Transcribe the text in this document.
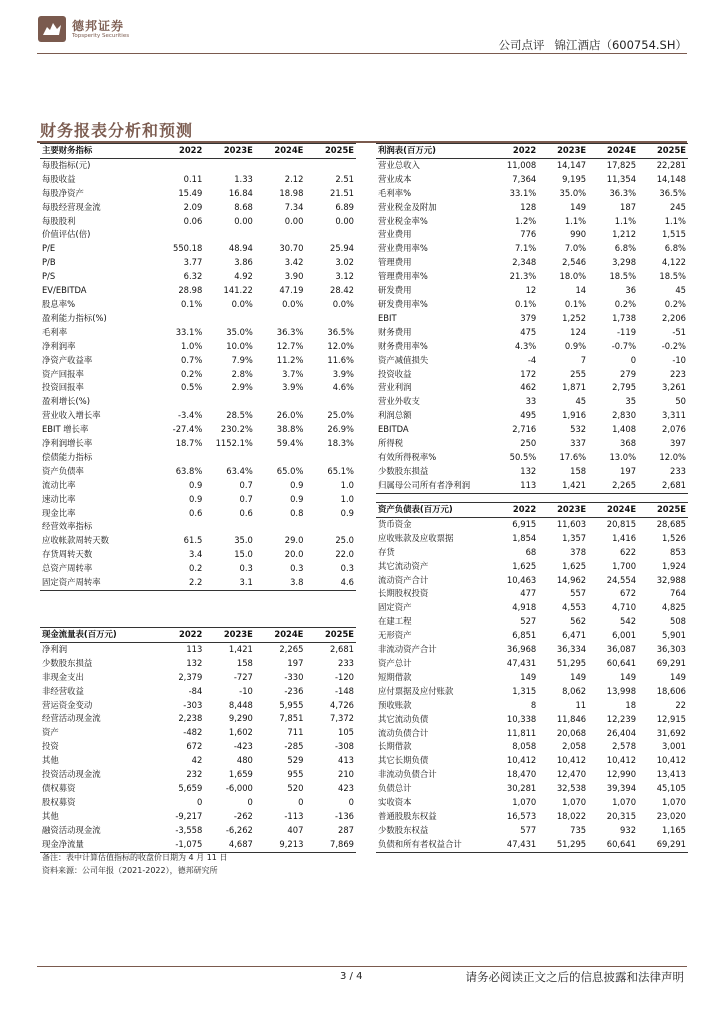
德邦证券
Topsperity Securities
公司点评 锦江酒店（600754.SH）
财务报表分析和预测
主要财务指标	2022	2023E	2024E	2025E
每股指标(元)				
每股收益	0.11	1.33	2.12	2.51
每股净资产	15.49	16.84	18.98	21.51
每股经营现金流	2.09	8.68	7.34	6.89
每股股利	0.06	0.00	0.00	0.00
价值评估(倍)				
P/E	550.18	48.94	30.70	25.94
P/B	3.77	3.86	3.42	3.02
P/S	6.32	4.92	3.90	3.12
EV/EBITDA	28.98	141.22	47.19	28.42
股息率%	0.1%	0.0%	0.0%	0.0%
盈利能力指标(%)				
毛利率	33.1%	35.0%	36.3%	36.5%
净利润率	1.0%	10.0%	12.7%	12.0%
净资产收益率	0.7%	7.9%	11.2%	11.6%
资产回报率	0.2%	2.8%	3.7%	3.9%
投资回报率	0.5%	2.9%	3.9%	4.6%
盈利增长(%)				
营业收入增长率	-3.4%	28.5%	26.0%	25.0%
EBIT 增长率	-27.4%	230.2%	38.8%	26.9%
净利润增长率	18.7%	1152.1%	59.4%	18.3%
偿债能力指标				
资产负债率	63.8%	63.4%	65.0%	65.1%
流动比率	0.9	0.7	0.9	1.0
速动比率	0.9	0.7	0.9	1.0
现金比率	0.6	0.6	0.8	0.9
经营效率指标				
应收帐款周转天数	61.5	35.0	29.0	25.0
存货周转天数	3.4	15.0	20.0	22.0
总资产周转率	0.2	0.3	0.3	0.3
固定资产周转率	2.2	3.1	3.8	4.6
利润表(百万元)	2022	2023E	2024E	2025E
营业总收入	11,008	14,147	17,825	22,281
营业成本	7,364	9,195	11,354	14,148
毛利率%	33.1%	35.0%	36.3%	36.5%
营业税金及附加	128	149	187	245
营业税金率%	1.2%	1.1%	1.1%	1.1%
营业费用	776	990	1,212	1,515
营业费用率%	7.1%	7.0%	6.8%	6.8%
管理费用	2,348	2,546	3,298	4,122
管理费用率%	21.3%	18.0%	18.5%	18.5%
研发费用	12	14	36	45
研发费用率%	0.1%	0.1%	0.2%	0.2%
EBIT	379	1,252	1,738	2,206
财务费用	475	124	-119	-51
财务费用率%	4.3%	0.9%	-0.7%	-0.2%
资产减值损失	-4	7	0	-10
投资收益	172	255	279	223
营业利润	462	1,871	2,795	3,261
营业外收支	33	45	35	50
利润总额	495	1,916	2,830	3,311
EBITDA	2,716	532	1,408	2,076
所得税	250	337	368	397
有效所得税率%	50.5%	17.6%	13.0%	12.0%
少数股东损益	132	158	197	233
归属母公司所有者净利润	113	1,421	2,265	2,681
资产负债表(百万元)	2022	2023E	2024E	2025E
货币资金	6,915	11,603	20,815	28,685
应收账款及应收票据	1,854	1,357	1,416	1,526
存货	68	378	622	853
其它流动资产	1,625	1,625	1,700	1,924
流动资产合计	10,463	14,962	24,554	32,988
长期股权投资	477	557	672	764
固定资产	4,918	4,553	4,710	4,825
在建工程	527	562	542	508
无形资产	6,851	6,471	6,001	5,901
非流动资产合计	36,968	36,334	36,087	36,303
资产总计	47,431	51,295	60,641	69,291
短期借款	149	149	149	149
应付票据及应付账款	1,315	8,062	13,998	18,606
预收账款	8	11	18	22
其它流动负债	10,338	11,846	12,239	12,915
流动负债合计	11,811	20,068	26,404	31,692
长期借款	8,058	2,058	2,578	3,001
其它长期负债	10,412	10,412	10,412	10,412
非流动负债合计	18,470	12,470	12,990	13,413
负债总计	30,281	32,538	39,394	45,105
实收资本	1,070	1,070	1,070	1,070
普通股股东权益	16,573	18,022	20,315	23,020
少数股东权益	577	735	932	1,165
负债和所有者权益合计	47,431	51,295	60,641	69,291
现金流量表(百万元)	2022	2023E	2024E	2025E
净利润	113	1,421	2,265	2,681
少数股东损益	132	158	197	233
非现金支出	2,379	-727	-330	-120
非经营收益	-84	-10	-236	-148
营运资金变动	-303	8,448	5,955	4,726
经营活动现金流	2,238	9,290	7,851	7,372
资产	-482	1,602	711	105
投资	672	-423	-285	-308
其他	42	480	529	413
投资活动现金流	232	1,659	955	210
债权募资	5,659	-6,000	520	423
股权募资	0	0	0	0
其他	-9,217	-262	-113	-136
融资活动现金流	-3,558	-6,262	407	287
现金净流量	-1,075	4,687	9,213	7,869
备注：表中计算估值指标的收盘价日期为 4 月 11 日
资料来源：公司年报（2021-2022），德邦研究所
3 / 4	请务必阅读正文之后的信息披露和法律声明
